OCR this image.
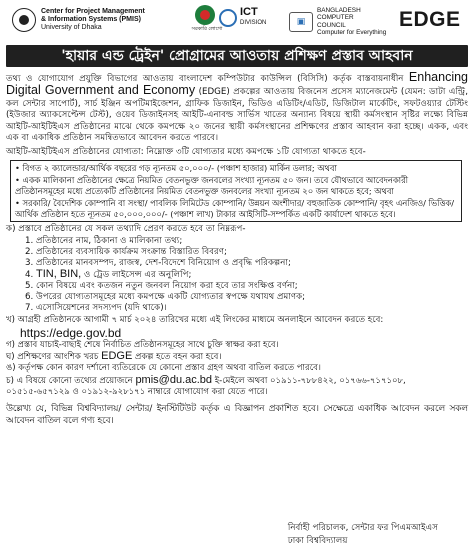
Center for Project Management
& Information Systems (PMIS)
University of Dhaka	সরকারি লোগো
ICT
DIVISION	▣
BANGLADESH
COMPUTER
COUNCIL
Computer for Everything
EDGE
'হায়ার এন্ড ট্রেইন' প্রোগ্রামের আওতায় প্রশিক্ষণ প্রস্তাব আহবান
তথ্য ও যোগাযোগ প্রযুক্তি বিভাগের আওতায় বাংলাদেশ কম্পিউটার কাউন্সিল (বিসিসি) কর্তৃক বাস্তবায়নাধীন Enhancing Digital Government and Economy (EDGE) প্রকল্পের আওতায় বিজনেস প্রসেস ম্যানেজমেন্ট (যেমন: ডাটা এন্ট্রি, কল সেন্টার সাপোর্ট), সার্চ ইঞ্জিন অপটিমাইজেশন, গ্রাফিক ডিজাইন, ভিডিও এডিটিং/এডিট, ডিজিটাল মার্কেটিং, সফটওয়্যার টেস্টিং (ইউজার অ্যাকসেপ্টেন্স টেস্ট), ওয়েব ডিজাইনসহ আইটি-এনাবল্ড সার্ভিস খাতের অন্যান্য বিষয়ে স্থায়ী কর্মসংস্থান সৃষ্টির লক্ষ্যে বিভিন্ন আইটি-আইটিইএস প্রতিষ্ঠানের মাঝে থেকে কমপক্ষে ২০ জনের স্থায়ী কর্মসংস্থানের প্রশিক্ষণের প্রস্তাব আহবান করা হচ্ছে। একক, এবং এক বা একাধিক প্রতিষ্ঠান সমন্বিতভাবে আবেদন করতে পারবে।
আইটি-আইটিইএস প্রতিষ্ঠানের যোগ্যতা: নিম্নোক্ত ৩টি যোগ্যতার মধ্যে কমপক্ষে ১টি যোগ্যতা থাকতে হবে-

• বিগত ২ ক্যালেন্ডার/আর্থিক বছরের গড় ন্যূনতম ৫০,০০০/- (পঞ্চাশ হাজার) মার্কিন ডলার; অথবা

• একক মালিকানা প্রতিষ্ঠানের ক্ষেত্রে নিয়মিত বেতনভুক্ত জনবলের সংখ্যা ন্যূনতম ৫০ জন। তবে যৌথভাবে আবেদনকারী প্রতিষ্ঠানসমূহের মধ্যে প্রত্যেকটি প্রতিষ্ঠানের নিয়মিত বেতনভুক্ত জনবলের সংখ্যা ন্যূনতম ২০ জন থাকতে হবে; অথবা

• সরকারি/ বৈদেশিক কোম্পানি বা সংস্থা/ পাবলিক লিমিটেড কোম্পানি/ উন্নয়ন অংশীদার/ বহুজাতিক কোম্পানি/ বৃহৎ এনজিও/ ভিত্তিক/ আর্থিক প্রতিষ্ঠান হতে ন্যূনতম ৫০,০০০,০০০/- (পঞ্চাশ লাখ) টাকার আইসিটি-সম্পর্কিত একটি কার্যাদেশ থাকতে হবে।

ক) প্রস্তাবে প্রতিষ্ঠানের যে সকল তথ্যাদি প্রেরণ করতে হবে তা নিম্নরূপ-
1. প্রতিষ্ঠানের নাম, ঠিকানা ও মালিকানা তথ্য;
2. প্রতিষ্ঠানের ব্যবসায়িক কার্যক্রম সংক্রান্ত বিস্তারিত বিবরণ;
3. প্রতিষ্ঠানের মানবসম্পদ, রাজস্ব, দেশ-বিদেশে বিনিয়োগ ও প্রবৃদ্ধি পরিকল্পনা;
4. TIN, BIN, ও ট্রেড লাইসেন্স এর অনুলিপি;
5. কোন বিষয়ে এবং কতজন নতুন জনবল নিয়োগ করা হবে তার সংক্ষিপ্ত বর্ণনা;
6. উপরের যোগ্যতাসমূহের মধ্যে কমপক্ষে একটি যোগ্যতার স্বপক্ষে যথাযথ প্রমাণক;
7. এসোসিয়েশনের সদস্যপদ (যদি থাকে)।

খ) আগ্রহী প্রতিষ্ঠানকে আগামী ৭ মার্চ ২০২৪ তারিখের মধ্যে এই লিংকের মাধ্যমে অনলাইনে আবেদন করতে হবে:

https://edge.gov.bd

গ) প্রস্তাব যাচাই-বাছাই শেষে নির্বাচিত প্রতিষ্ঠানসমূহের সাথে চুক্তি স্বাক্ষর করা হবে।

ঘ) প্রশিক্ষণের আংশিক খরচ EDGE প্রকল্প হতে বহন করা হবে।

ঙ) কর্তৃপক্ষ কোন কারণ দর্শানো ব্যতিরেকে যে কোনো প্রস্তাব গ্রহণ অথবা বাতিল করতে পারবে।

চ) এ বিষয়ে কোনো তথ্যের প্রয়োজনে pmis@du.ac.bd ই-মেইলে অথবা ০১৯১১-৭৮৮৪২২, ০১৭৬৬-৭১৭১০৮, ০১৫১৫-৬৫৭১২৯ ও ০১৯১২-৯২৮১৭১ নাম্বারে যোগাযোগ করা যেতে পারে।

উল্লেখ্য যে, বিভিন্ন বিশ্ববিদ্যালয়/ সেন্টার/ ইনস্টিটিউট কর্তৃক এ বিজ্ঞাপন প্রকাশিত হবে। সেক্ষেত্রে একাধিক আবেদন করলে সকল আবেদন বাতিল বলে গণ্য হবে।
নির্বাহী পরিচালক, সেন্টার ফর পিএমআইএস
ঢাকা বিশ্ববিদ্যালয়
